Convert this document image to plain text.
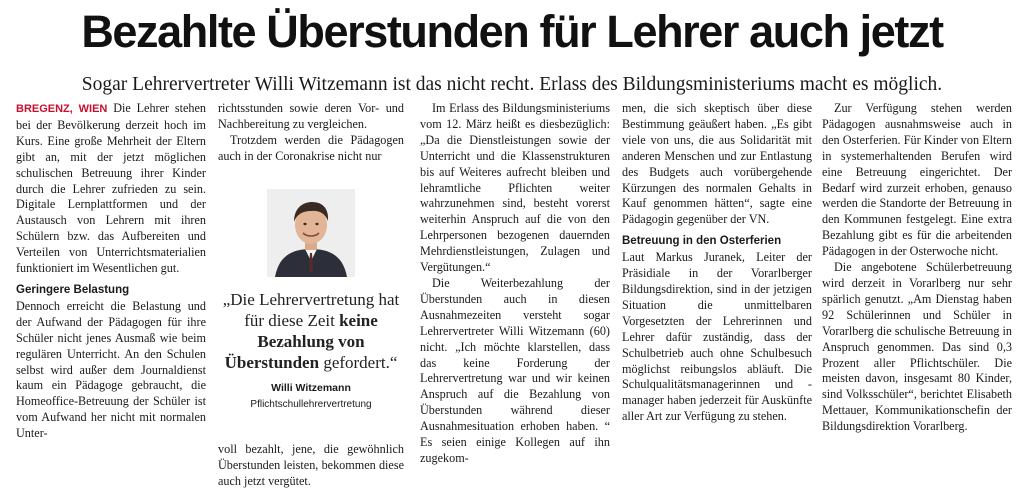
Bezahlte Überstunden für Lehrer auch jetzt
Sogar Lehrervertreter Willi Witzemann ist das nicht recht. Erlass des Bildungsministeriums macht es möglich.

BREGENZ, WIEN Die Lehrer stehen bei der Bevölkerung derzeit hoch im Kurs. Eine große Mehrheit der Eltern gibt an, mit der jetzt möglichen schulischen Betreuung ihrer Kinder durch die Lehrer zufrieden zu sein. Digitale Lernplattformen und der Austausch von Lehrern mit ihren Schülern bzw. das Aufbereiten und Verteilen von Unterrichtsmaterialien funktioniert im Wesentlichen gut.

Geringere Belastung

Dennoch erreicht die Belastung und der Aufwand der Pädagogen für ihre Schüler nicht jenes Ausmaß wie beim regulären Unterricht. An den Schulen selbst wird außer dem Journaldienst kaum ein Pädagoge gebraucht, die Homeoffice-Betreuung der Schüler ist vom Aufwand her nicht mit normalen Unter-

richtsstunden sowie deren Vor- und Nachbereitung zu vergleichen.

Trotzdem werden die Pädagogen auch in der Coronakrise nicht nur

„Die Lehrervertretung hat für diese Zeit keine Bezahlung von Überstunden gefordert.“

Willi Witzemann

Pflichtschullehrervertretung

voll bezahlt, jene, die gewöhnlich Überstunden leisten, bekommen diese auch jetzt vergütet.

Im Erlass des Bildungsministeriums vom 12. März heißt es diesbezüglich: „Da die Dienstleistungen sowie der Unterricht und die Klassenstrukturen bis auf Weiteres aufrecht bleiben und lehramtliche Pflichten weiter wahrzunehmen sind, besteht vorerst weiterhin Anspruch auf die von den Lehrpersonen bezogenen dauernden Mehrdienstleistungen, Zulagen und Vergütungen.“

Die Weiterbezahlung der Überstunden auch in diesen Ausnahmezeiten versteht sogar Lehrervertreter Willi Witzemann (60) nicht. „Ich möchte klarstellen, dass das keine Forderung der Lehrervertretung war und wir keinen Anspruch auf die Bezahlung von Überstunden während dieser Ausnahmesituation erhoben haben. “ Es seien einige Kollegen auf ihn zugekom-

men, die sich skeptisch über diese Bestimmung geäußert haben. „Es gibt viele von uns, die aus Solidarität mit anderen Menschen und zur Entlastung des Budgets auch vorübergehende Kürzungen des normalen Gehalts in Kauf genommen hätten“, sagte eine Pädagogin gegenüber der VN.

Betreuung in den Osterferien

Laut Markus Juranek, Leiter der Präsidiale in der Vorarlberger Bildungsdirektion, sind in der jetzigen Situation die unmittelbaren Vorgesetzten der Lehrerinnen und Lehrer dafür zuständig, dass der Schulbetrieb auch ohne Schulbesuch möglichst reibungslos abläuft. Die Schulqualitätsmanagerinnen und -manager haben jederzeit für Auskünfte aller Art zur Verfügung zu stehen.

Zur Verfügung stehen werden Pädagogen ausnahmsweise auch in den Osterferien. Für Kinder von Eltern in systemerhaltenden Berufen wird eine Betreuung eingerichtet. Der Bedarf wird zurzeit erhoben, genauso werden die Standorte der Betreuung in den Kommunen festgelegt. Eine extra Bezahlung gibt es für die arbeitenden Pädagogen in der Osterwoche nicht.

Die angebotene Schülerbetreuung wird derzeit in Vorarlberg nur sehr spärlich genutzt. „Am Dienstag haben 92 Schülerinnen und Schüler in Vorarlberg die schulische Betreuung in Anspruch genommen. Das sind 0,3 Prozent aller Pflichtschüler. Die meisten davon, insgesamt 80 Kinder, sind Volksschüler“, berichtet Elisabeth Mettauer, Kommunikationschefin der Bildungsdirektion Vorarlberg.
